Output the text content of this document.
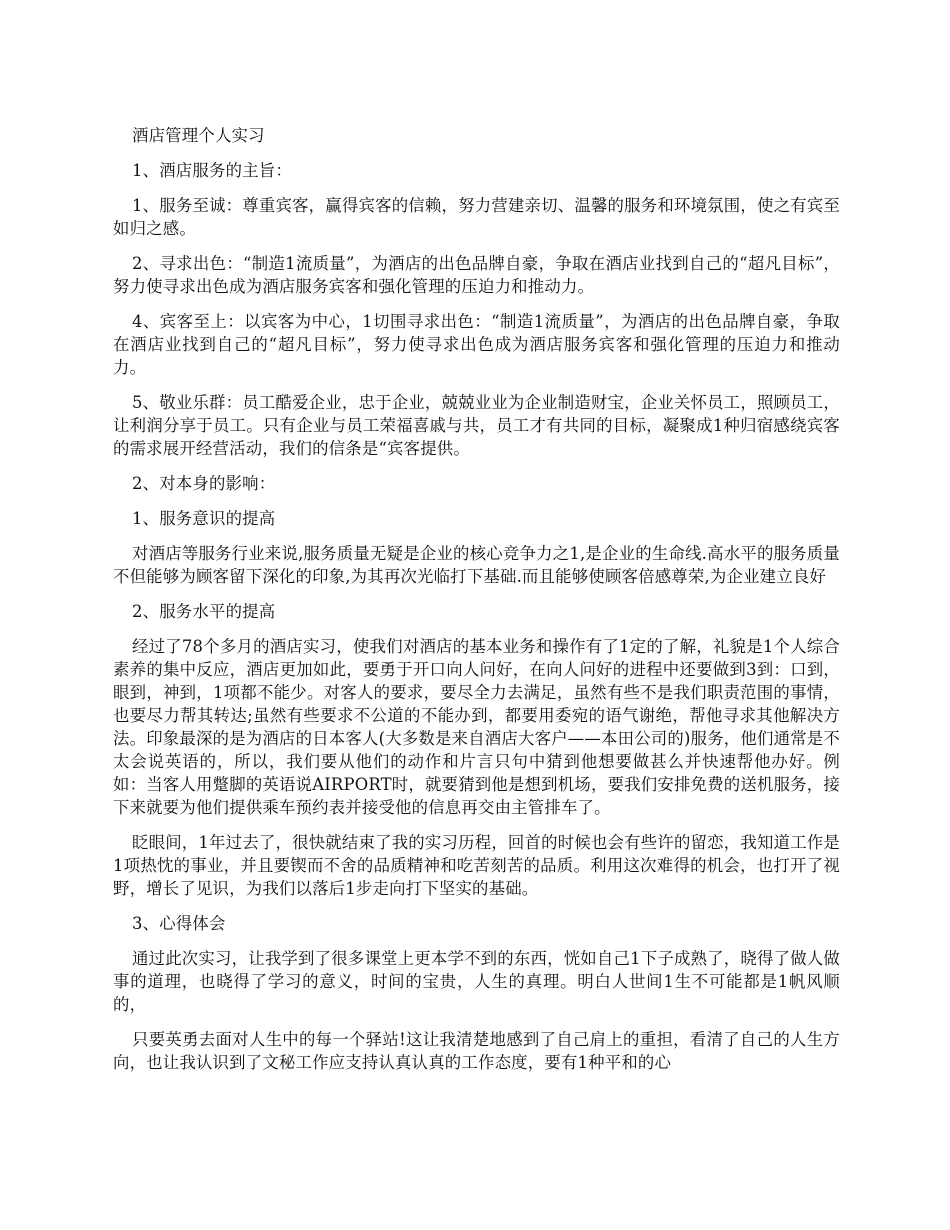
酒店管理个人实习

1、酒店服务的主旨：

1、服务至诚：尊重宾客，赢得宾客的信赖，努力营建亲切、温馨的服务和环境氛围，使之有宾至如归之感。

2、寻求出色：“制造1流质量”，为酒店的出色品牌自豪，争取在酒店业找到自己的“超凡目标”，努力使寻求出色成为酒店服务宾客和强化管理的压迫力和推动力。

4、宾客至上：以宾客为中心，1切围寻求出色：“制造1流质量”，为酒店的出色品牌自豪，争取在酒店业找到自己的“超凡目标”，努力使寻求出色成为酒店服务宾客和强化管理的压迫力和推动力。

5、敬业乐群：员工酷爱企业，忠于企业，兢兢业业为企业制造财宝，企业关怀员工，照顾员工，让利润分享于员工。只有企业与员工荣福喜戚与共，员工才有共同的目标，凝聚成1种归宿感绕宾客的需求展开经营活动，我们的信条是“宾客提供。

2、对本身的影响：

1、服务意识的提高

对酒店等服务行业来说,服务质量无疑是企业的核心竞争力之1,是企业的生命线.高水平的服务质量不但能够为顾客留下深化的印象,为其再次光临打下基础.而且能够使顾客倍感尊荣,为企业建立良好

2、服务水平的提高

经过了78个多月的酒店实习，使我们对酒店的基本业务和操作有了1定的了解，礼貌是1个人综合素养的集中反应，酒店更加如此，要勇于开口向人问好，在向人问好的进程中还要做到3到：口到，眼到，神到，1项都不能少。对客人的要求，要尽全力去满足，虽然有些不是我们职责范围的事情，也要尽力帮其转达;虽然有些要求不公道的不能办到，都要用委宛的语气谢绝，帮他寻求其他解决方法。印象最深的是为酒店的日本客人(大多数是来自酒店大客户——本田公司的)服务，他们通常是不太会说英语的，所以，我们要从他们的动作和片言只句中猜到他想要做甚么并快速帮他办好。例如：当客人用蹩脚的英语说AIRPORT时，就要猜到他是想到机场，要我们安排免费的送机服务，接下来就要为他们提供乘车预约表并接受他的信息再交由主管排车了。

眨眼间，1年过去了，很快就结束了我的实习历程，回首的时候也会有些许的留恋，我知道工作是1项热忱的事业，并且要锲而不舍的品质精神和吃苦刻苦的品质。利用这次难得的机会，也打开了视野，增长了见识，为我们以落后1步走向打下坚实的基础。

3、心得体会

通过此次实习，让我学到了很多课堂上更本学不到的东西，恍如自己1下子成熟了，晓得了做人做事的道理，也晓得了学习的意义，时间的宝贵，人生的真理。明白人世间1生不可能都是1帆风顺的，

只要英勇去面对人生中的每一个驿站!这让我清楚地感到了自己肩上的重担，看清了自己的人生方向，也让我认识到了文秘工作应支持认真认真的工作态度，要有1种平和的心
